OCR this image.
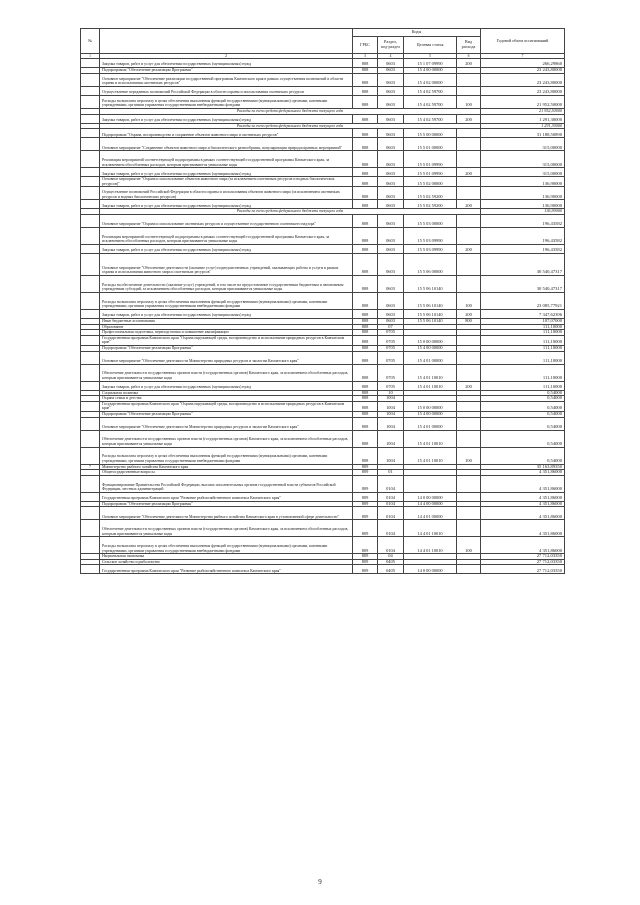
№		Коды				Годовой объем ассигнований
		ГРБС	Раздел, под-раздел	Целевая статья	Вид расхода	
1	2	3	4	5	6	7
	Закупка товаров, работ и услуг для обеспечения государственных (муниципальных) нужд	808	0603	15 1 07 09990	200	266,29860
	Подпрограмма "Обеспечение реализации Программы"	808	0603	15 4 00 00000		23 243,80000
	Основное мероприятие "Обеспечение реализации государственной программы Камчатского края в рамках осуществления полномочий в области охраны и использования охотничьих ресурсов"	808	0603	15 4 02 00000		23 243,80000
	Осуществление переданных полномочий Российской Федерации в области охраны и использования охотничьих ресурсов	808	0603	15 4 02 59700		23 243,80000
	Расходы на выплаты персоналу в целях обеспечения выполнения функций государственными (муниципальными) органами, казенными учреждениями, органами управления государственными внебюджетными фондами	808	0603	15 4 02 59700	100	21 952,50000
	Расходы за счет средств федерального бюджета текущего года					21 952,50000
	Закупка товаров, работ и услуг для обеспечения государственных (муниципальных) нужд	808	0603	15 4 02 59700	200	1 291,30000
	Расходы за счет средств федерального бюджета текущего года					1 291,30000
	Подпрограмма "Охрана, воспроизводство и сохранение объектов животного мира и охотничьих ресурсов"	808	0603	15 5 00 00000		31 188,50890
	Основное мероприятие "Сохранение объектов животного мира и биологического разнообразия, популяризация природоохранных мероприятий"	808	0603	15 5 01 00000		315,00000
	Реализация мероприятий соответствующей подпрограммы в рамках соответствующей государственной программы Камчатского края, за исключением обособленных расходов, которым присваиваются уникальные коды	808	0603	15 5 01 09990		315,00000
	Закупка товаров, работ и услуг для обеспечения государственных (муниципальных) нужд	808	0603	15 5 01 09990	200	315,00000
	Основное мероприятие "Охрана и использование объектов животного мира (за исключением охотничьих ресурсов и водных биологических ресурсов)"	808	0603	15 5 02 00000		136,90000
	Осуществление полномочий Российской Федерации в области охраны и использования объектов животного мира (за исключением охотничьих ресурсов и водных биологических ресурсов)	808	0603	15 5 02 59200		136,90000
	Закупка товаров, работ и услуг для обеспечения государственных (муниципальных) нужд	808	0603	15 5 02 59200	200	136,90000
	Расходы за счет средств федерального бюджета текущего года					136,90000
	Основное мероприятие "Охрана и использование охотничьих ресурсов и осуществление государственного охотничьего надзора"	808	0603	15 5 03 00000		196,43582
	Реализация мероприятий соответствующей подпрограммы в рамках соответствующей государственной программы Камчатского края, за исключением обособленных расходов, которым присваиваются уникальные коды	808	0603	15 5 03 09990		196,43582
	Закупка товаров, работ и услуг для обеспечения государственных (муниципальных) нужд	808	0603	15 5 03 09990	200	196,43582
	Основное мероприятие "Обеспечение деятельности (оказание услуг) подведомственных учреждений, оказывающих работы и услуги в рамках охраны и использования животного мира и охотничьих ресурсов"	808	0603	15 5 06 00000		30 540,47317
	Расходы на обеспечение деятельности (оказание услуг) учреждений, в том числе на предоставление государственным бюджетным и автономным учреждениям субсидий, за исключением обособленных расходов, которым присваиваются уникальные коды	808	0603	15 5 06 10140		30 540,47317
	Расходы на выплаты персоналу в целях обеспечения выполнения функций государственными (муниципальными) органами, казенными учреждениями, органами управления государственными внебюджетными фондами	808	0603	15 5 06 10140	100	23 085,77921
	Закупка товаров, работ и услуг для обеспечения государственных (муниципальных) нужд	808	0603	15 5 06 10140	200	7 347,62396
	Иные бюджетные ассигнования	808	0603	15 5 06 10140	800	107,07000
	Образование	808	07			111,10000
	Профессиональная подготовка, переподготовка и повышение квалификации	808	0705			111,10000
	Государственная программа Камчатского края "Охрана окружающей среды, воспроизводство и использование природных ресурсов в Камчатском крае"	808	0705	15 0 00 00000		111,10000
	Подпрограмма "Обеспечение реализации Программы"	808	0705	15 4 00 00000		111,10000
	Основное мероприятие "Обеспечение деятельности Министерства природных ресурсов и экологии Камчатского края"	808	0705	15 4 01 00000		111,10000
	Обеспечение деятельности государственных органов власти (государственных органов) Камчатского края, за исключением обособленных расходов, которым присваиваются уникальные коды	808	0705	15 4 01 10010		111,10000
	Закупка товаров, работ и услуг для обеспечения государственных (муниципальных) нужд	808	0705	15 4 01 10010	200	111,10000
	Социальная политика	808	10			0,54000
	Охрана семьи и детства	808	1004			0,54000
	Государственная программа Камчатского края "Охрана окружающей среды, воспроизводство и использование природных ресурсов в Камчатском крае"	808	1004	15 0 00 00000		0,54000
	Подпрограмма "Обеспечение реализации Программы"	808	1004	15 4 00 00000		0,54000
	Основное мероприятие "Обеспечение деятельности Министерства природных ресурсов и экологии Камчатского края"	808	1004	15 4 01 00000		0,54000
	Обеспечение деятельности государственных органов власти (государственных органов) Камчатского края, за исключением обособленных расходов, которым присваиваются уникальные коды	808	1004	15 4 01 10010		0,54000
	Расходы на выплаты персоналу в целях обеспечения выполнения функций государственными (муниципальными) органами, казенными учреждениями, органами управления государственными внебюджетными фондами	808	1004	15 4 01 10010	100	0,54000
7	Министерство рыбного хозяйства Камчатского края	809				35 163,89350
	Общегосударственные вопросы	809	01			4 351,86000
	Функционирование Правительства Российской Федерации, высших исполнительных органов государственной власти субъектов Российской Федерации, местных администраций	809	0104			4 351,86000
	Государственная программа Камчатского края "Развитие рыбохозяйственного комплекса Камчатского края"	809	0104	14 0 00 00000		4 351,86000
	Подпрограмма "Обеспечение реализации Программы"	809	0104	14 4 00 00000		4 351,86000
	Основное мероприятие "Обеспечение деятельности Министерства рыбного хозяйства Камчатского края в установленной сфере деятельности"	809	0104	14 4 01 00000		4 351,86000
	Обеспечение деятельности государственных органов власти (государственных органов) Камчатского края, за исключением обособленных расходов, которым присваиваются уникальные коды	809	0104	14 4 01 10010		4 351,86000
	Расходы на выплаты персоналу в целях обеспечения выполнения функций государственными (муниципальными) органами, казенными учреждениями, органами управления государственными внебюджетными фондами	809	0104	14 4 01 10010	100	4 351,86000
	Национальная экономика	809	04			27 712,03350
	Сельское хозяйство и рыболовство	809	0405			27 712,03350
	Государственная программа Камчатского края "Развитие рыбохозяйственного комплекса Камчатского края"	809	0405	14 0 00 00000		27 712,03350
9
